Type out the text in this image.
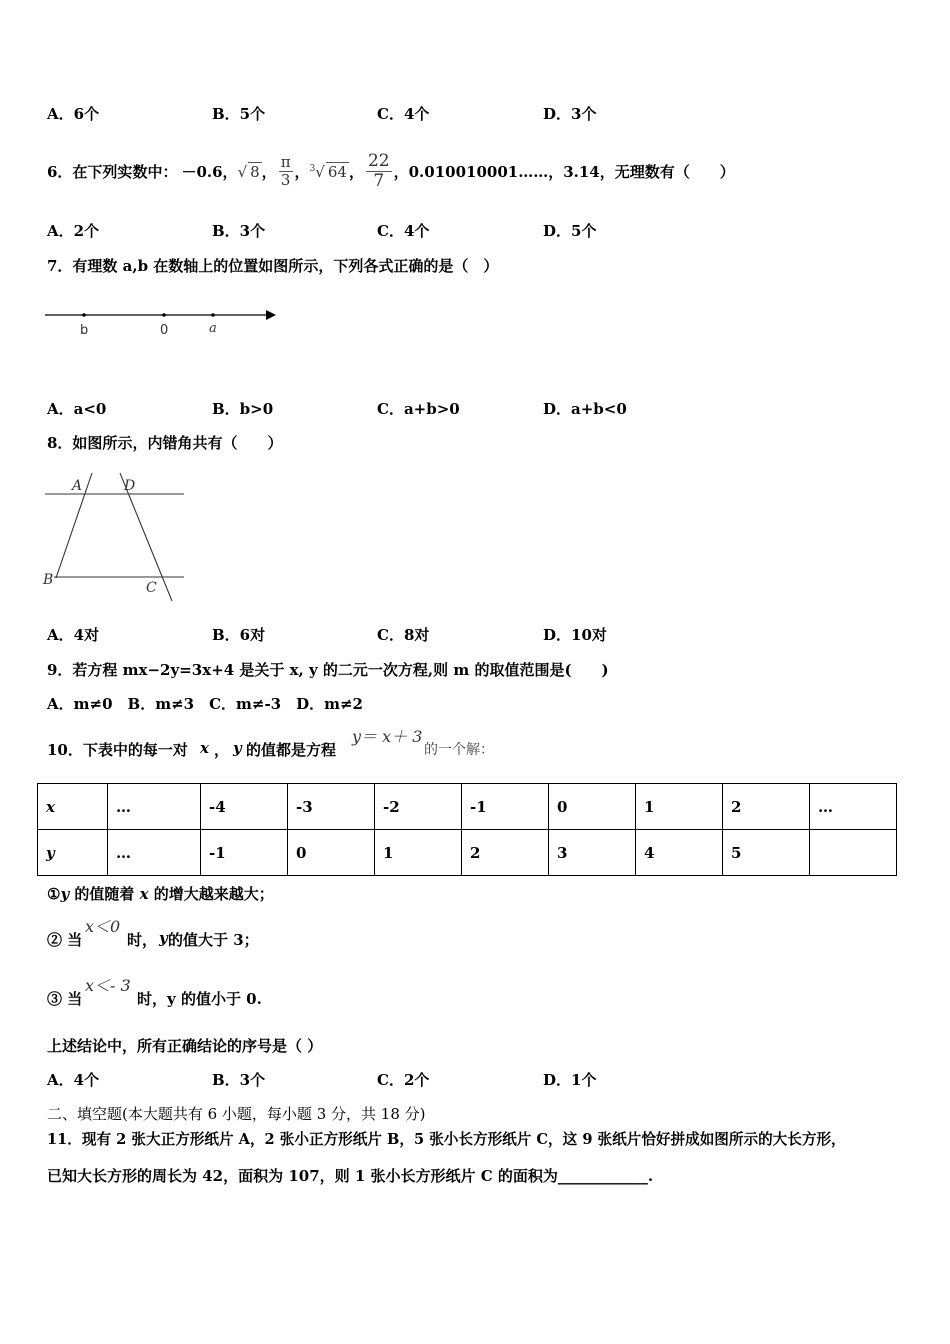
A．6个	B．5个	C．4个	D．3个
6．在下列实数中： －0.6， √ 8 ， $\frac{\pi}{3}$ ， $^3$√ 64 ， $\frac{22}{7}$ ，0.010010001……，3.14，无理数有（　　）
A．2个	B．3个	C．4个	D．5个
7．有理数 a,b 在数轴上的位置如图所示，下列各式正确的是（　）
b	0	a
A．a<0	B．b>0	C．a+b>0	D．a+b<0
8．如图所示，内错角共有（　　）
A	D
B	C
A．4对	B．6对	C．8对	D．10对
9．若方程 mx−2y=3x+4 是关于 x, y 的二元一次方程,则 m 的取值范围是(　　)
A．m≠0　B．m≠3　C．m≠-3　D．m≠2
10．下表中的每一对 x ， y 的值都是方程
y＝ x＋ 3
的一个解：
x	…	-4	-3	-2	-1	0	1	2	…
y	…	-1	0	1	2	3	4	5	
①y 的值随着 x 的增大越来越大；
② 当
x＜0
时， y 的值大于 3；
③ 当
x＜- 3
时，y 的值小于 0.
上述结论中，所有正确结论的序号是（ ）
A．4个	B．3个	C．2个	D．1个
二、填空题(本大题共有 6 小题，每小题 3 分，共 18 分)
11．现有 2 张大正方形纸片 A，2 张小正方形纸片 B，5 张小长方形纸片 C，这 9 张纸片恰好拼成如图所示的大长方形，
已知大长方形的周长为 42，面积为 107，则 1 张小长方形纸片 C 的面积为____________.
